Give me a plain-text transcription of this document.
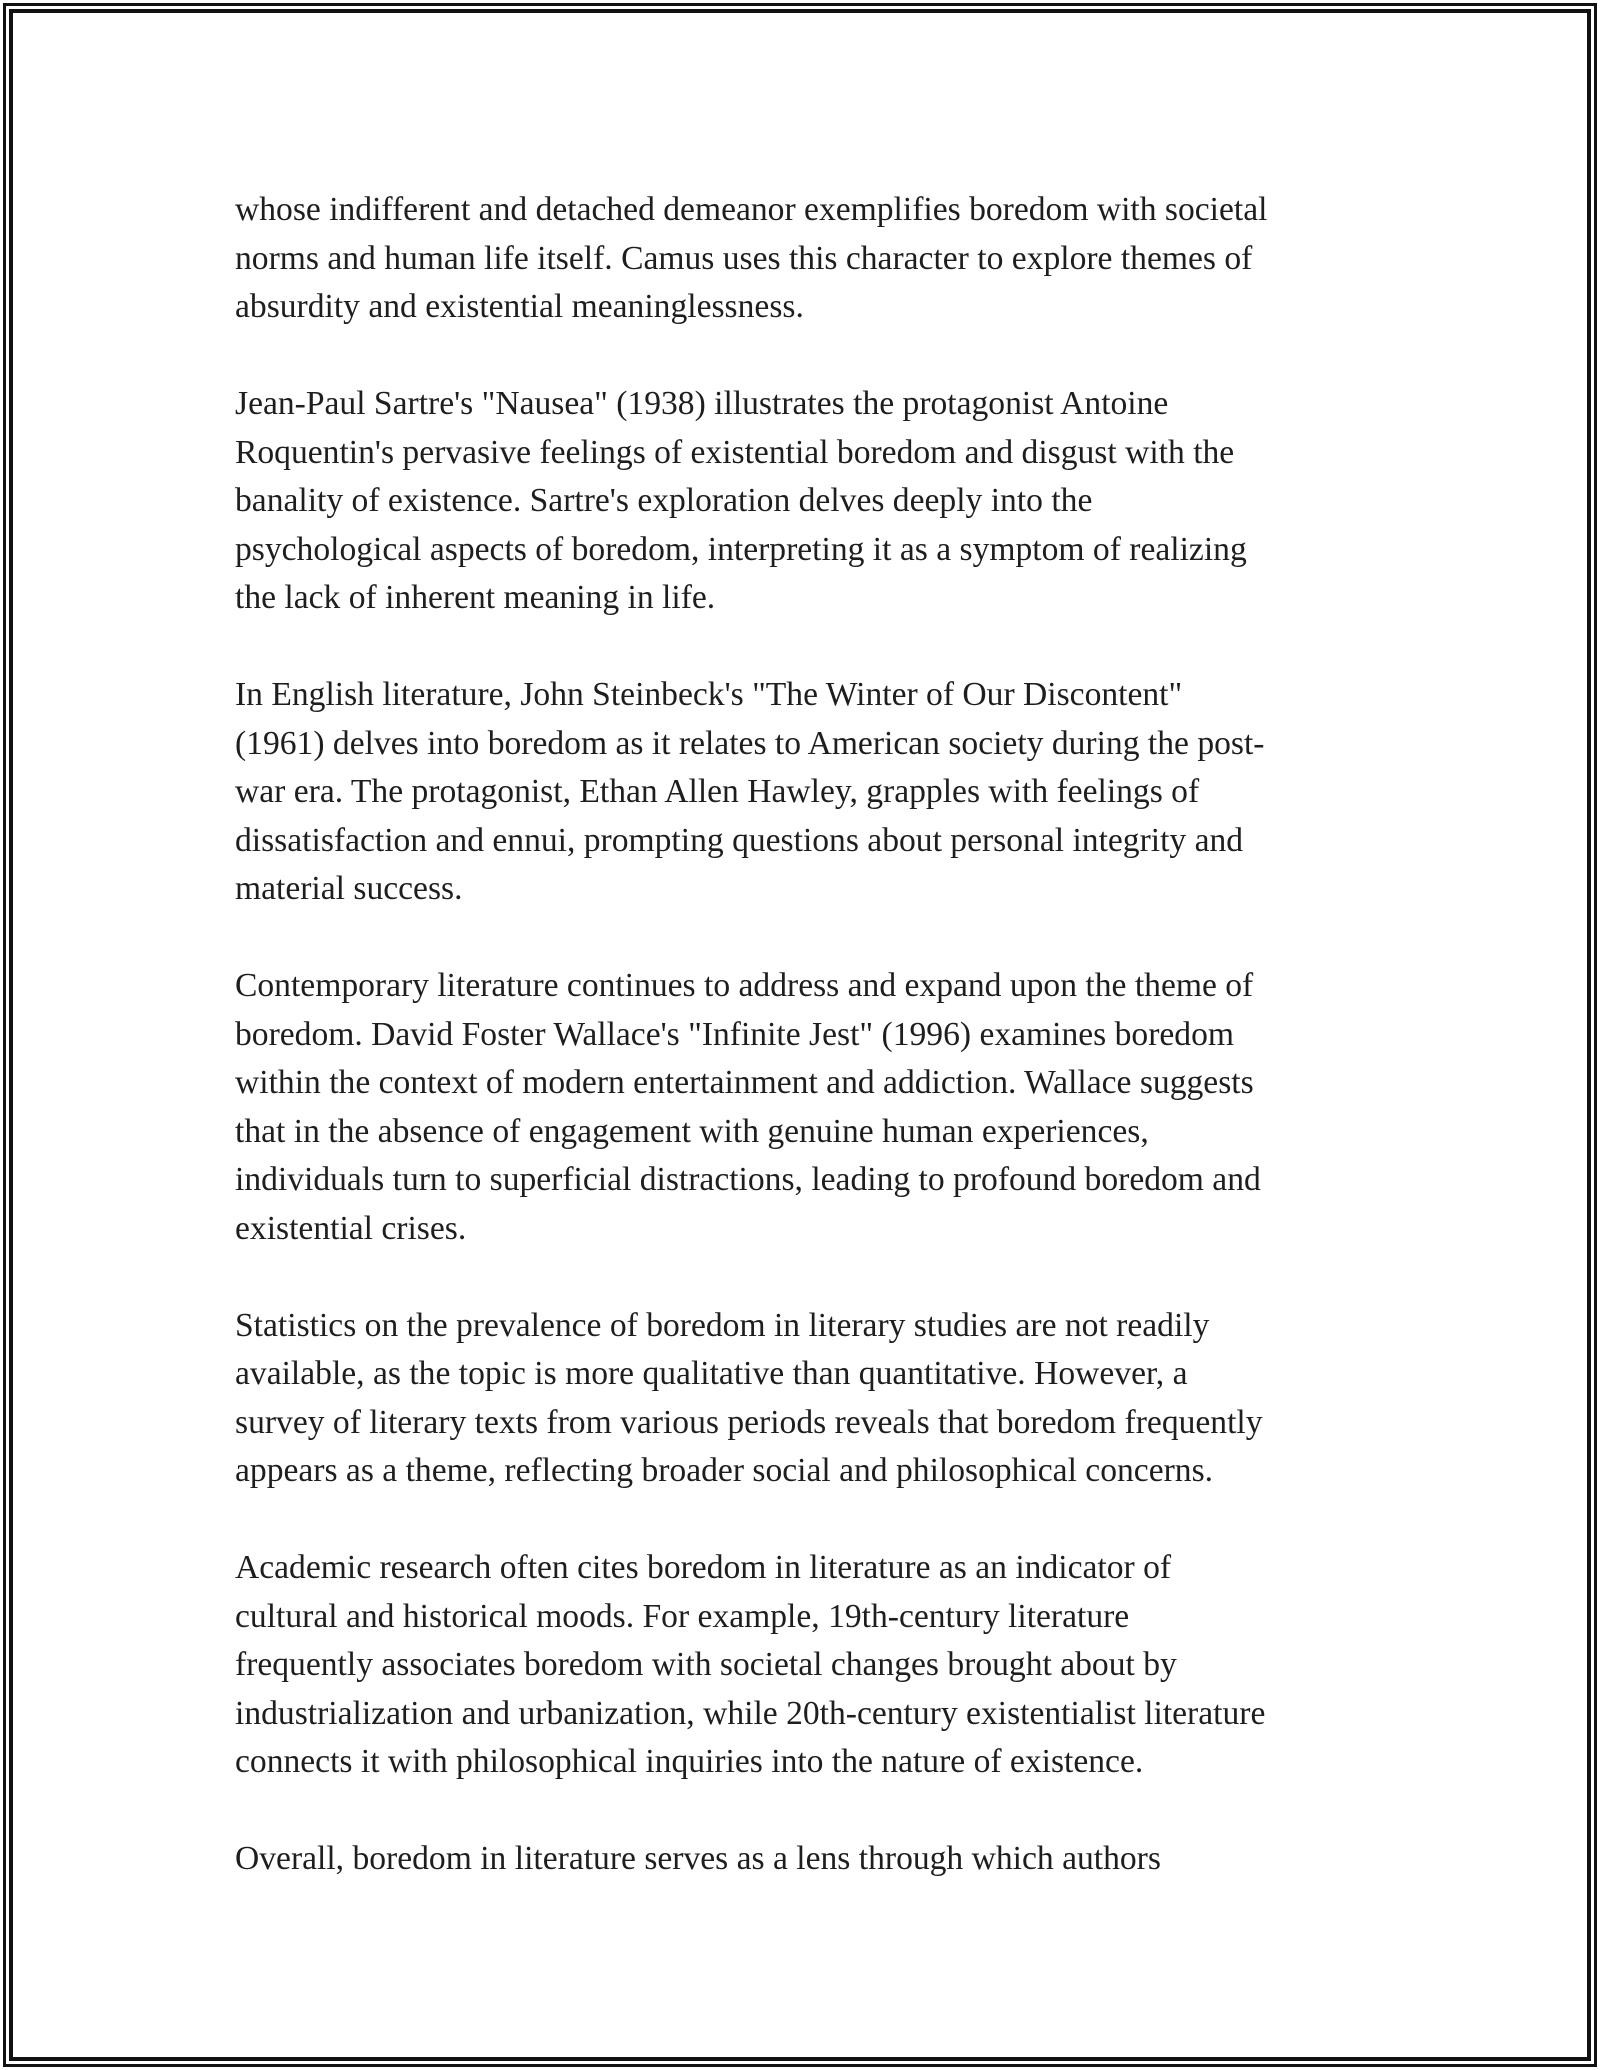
whose indifferent and detached demeanor exemplifies boredom with societal
norms and human life itself. Camus uses this character to explore themes of
absurdity and existential meaninglessness.

Jean-Paul Sartre's "Nausea" (1938) illustrates the protagonist Antoine
Roquentin's pervasive feelings of existential boredom and disgust with the
banality of existence. Sartre's exploration delves deeply into the
psychological aspects of boredom, interpreting it as a symptom of realizing
the lack of inherent meaning in life.

In English literature, John Steinbeck's "The Winter of Our Discontent"
(1961) delves into boredom as it relates to American society during the post-
war era. The protagonist, Ethan Allen Hawley, grapples with feelings of
dissatisfaction and ennui, prompting questions about personal integrity and
material success.

Contemporary literature continues to address and expand upon the theme of
boredom. David Foster Wallace's "Infinite Jest" (1996) examines boredom
within the context of modern entertainment and addiction. Wallace suggests
that in the absence of engagement with genuine human experiences,
individuals turn to superficial distractions, leading to profound boredom and
existential crises.

Statistics on the prevalence of boredom in literary studies are not readily
available, as the topic is more qualitative than quantitative. However, a
survey of literary texts from various periods reveals that boredom frequently
appears as a theme, reflecting broader social and philosophical concerns.

Academic research often cites boredom in literature as an indicator of
cultural and historical moods. For example, 19th-century literature
frequently associates boredom with societal changes brought about by
industrialization and urbanization, while 20th-century existentialist literature
connects it with philosophical inquiries into the nature of existence.

Overall, boredom in literature serves as a lens through which authors
